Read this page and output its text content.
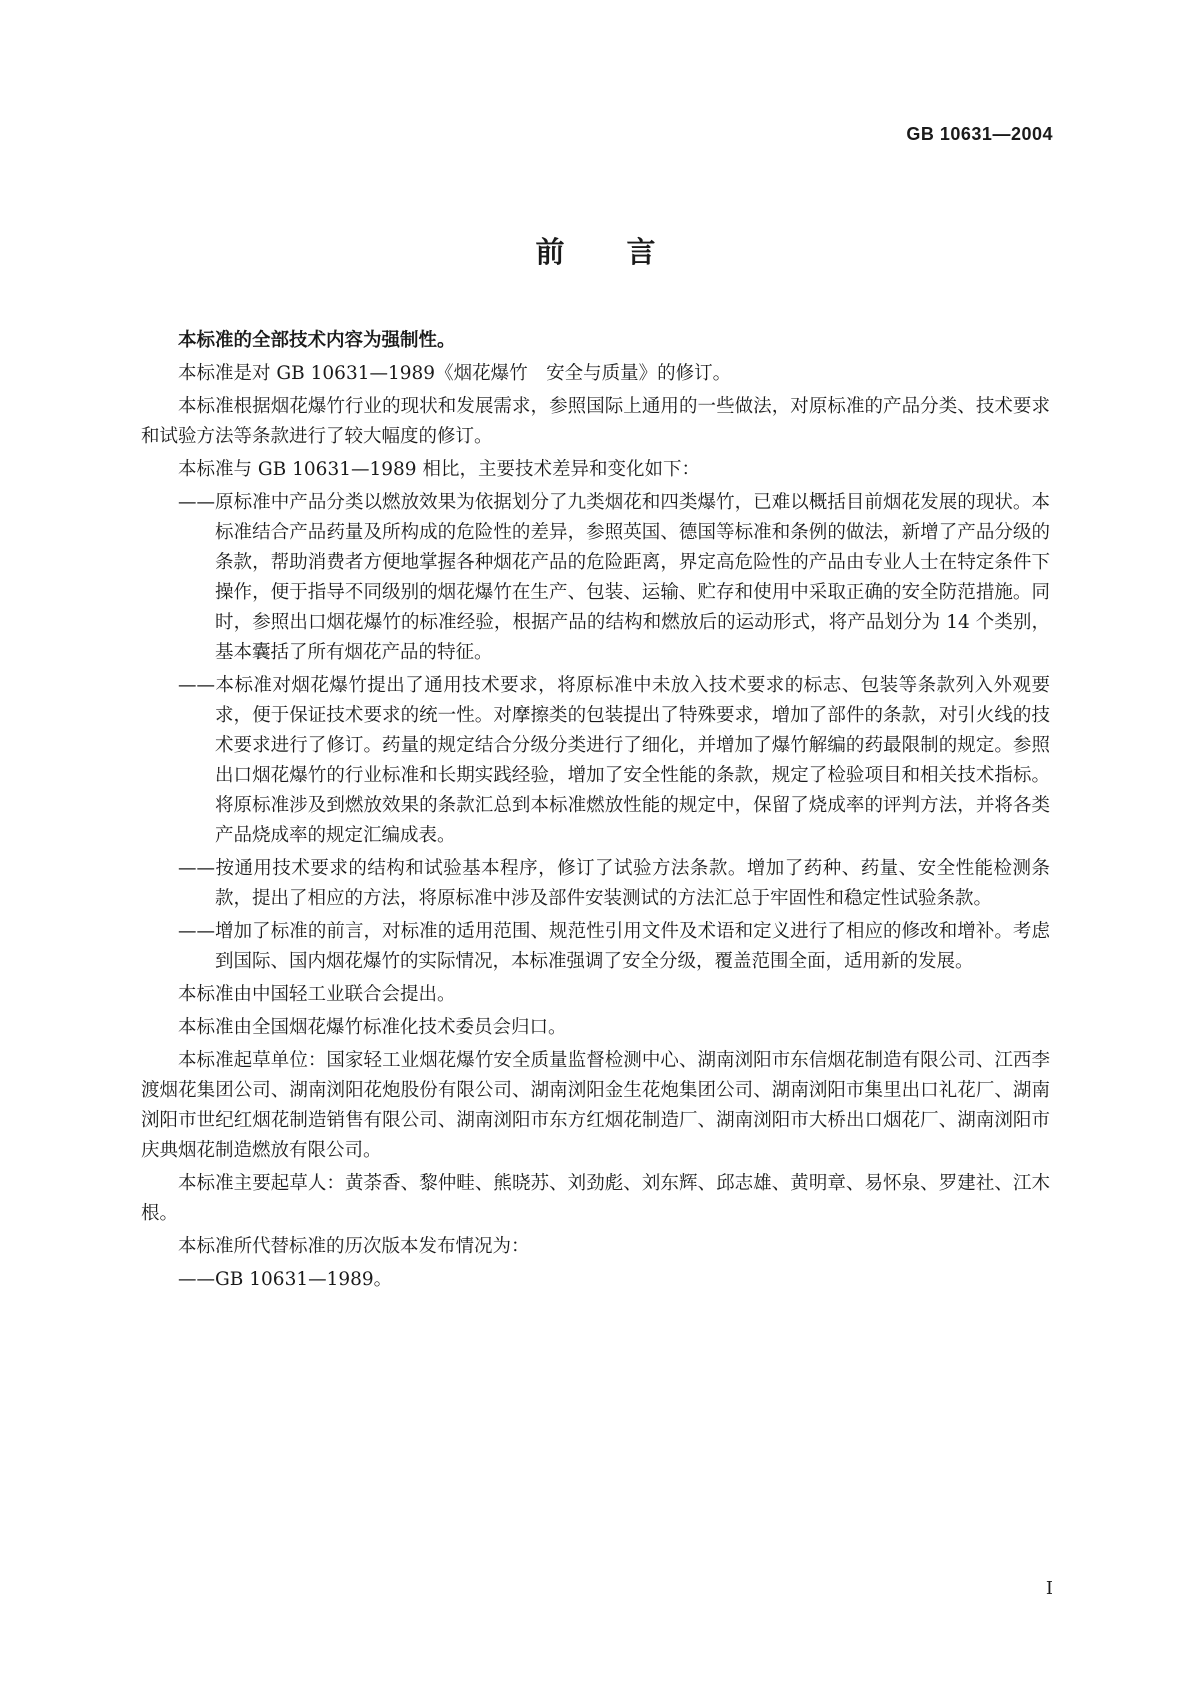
GB 10631—2004
前言

本标准的全部技术内容为强制性。

本标准是对 GB 10631—1989《烟花爆竹　安全与质量》的修订。

本标准根据烟花爆竹行业的现状和发展需求，参照国际上通用的一些做法，对原标准的产品分类、技术要求和试验方法等条款进行了较大幅度的修订。

本标准与 GB 10631—1989 相比，主要技术差异和变化如下：

——原标准中产品分类以燃放效果为依据划分了九类烟花和四类爆竹，已难以概括目前烟花发展的现状。本标准结合产品药量及所构成的危险性的差异，参照英国、德国等标准和条例的做法，新增了产品分级的条款，帮助消费者方便地掌握各种烟花产品的危险距离，界定高危险性的产品由专业人士在特定条件下操作，便于指导不同级别的烟花爆竹在生产、包装、运输、贮存和使用中采取正确的安全防范措施。同时，参照出口烟花爆竹的标准经验，根据产品的结构和燃放后的运动形式，将产品划分为 14 个类别，基本囊括了所有烟花产品的特征。

——本标准对烟花爆竹提出了通用技术要求，将原标准中未放入技术要求的标志、包装等条款列入外观要求，便于保证技术要求的统一性。对摩擦类的包装提出了特殊要求，增加了部件的条款，对引火线的技术要求进行了修订。药量的规定结合分级分类进行了细化，并增加了爆竹解编的药最限制的规定。参照出口烟花爆竹的行业标准和长期实践经验，增加了安全性能的条款，规定了检验项目和相关技术指标。将原标准涉及到燃放效果的条款汇总到本标准燃放性能的规定中，保留了烧成率的评判方法，并将各类产品烧成率的规定汇编成表。

——按通用技术要求的结构和试验基本程序，修订了试验方法条款。增加了药种、药量、安全性能检测条款，提出了相应的方法，将原标准中涉及部件安装测试的方法汇总于牢固性和稳定性试验条款。

——增加了标准的前言，对标准的适用范围、规范性引用文件及术语和定义进行了相应的修改和增补。考虑到国际、国内烟花爆竹的实际情况，本标准强调了安全分级，覆盖范围全面，适用新的发展。

本标准由中国轻工业联合会提出。

本标准由全国烟花爆竹标准化技术委员会归口。

本标准起草单位：国家轻工业烟花爆竹安全质量监督检测中心、湖南浏阳市东信烟花制造有限公司、江西李渡烟花集团公司、湖南浏阳花炮股份有限公司、湖南浏阳金生花炮集团公司、湖南浏阳市集里出口礼花厂、湖南浏阳市世纪红烟花制造销售有限公司、湖南浏阳市东方红烟花制造厂、湖南浏阳市大桥出口烟花厂、湖南浏阳市庆典烟花制造燃放有限公司。

本标准主要起草人：黄荼香、黎仲畦、熊晓苏、刘劲彪、刘东辉、邱志雄、黄明章、易怀泉、罗建社、江木根。

本标准所代替标准的历次版本发布情况为：

——GB 10631—1989。

I
